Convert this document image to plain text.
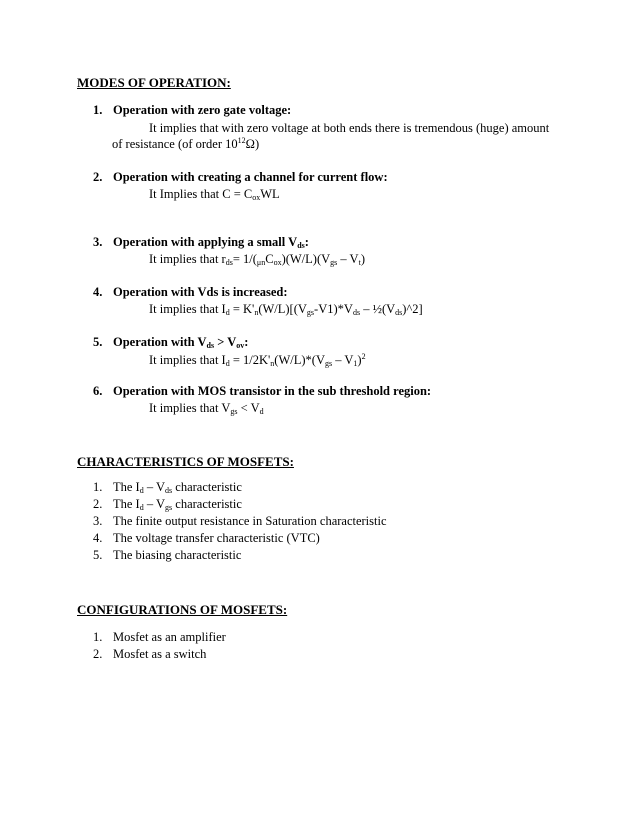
MODES OF OPERATION:

1. Operation with zero gate voltage:

It implies that with zero voltage at both ends there is tremendous (huge) amount

of resistance (of order $10^{12}\Omega$)

2. Operation with creating a channel for current flow:

It Implies that $C = C_{ox}WL$

3. Operation with applying a small $V_{ds}$:

It implies that $r_{ds}= 1/(_{\mu n}C_{ox})(W/L)(V_{gs} - V_t)$

4. Operation with Vds is increased:

It implies that $I_d = K'_n(W/L)[(V_{gs}-V1)*V_{ds}$ – $\frac{1}{2}(V_{ds})\^{}2$]

5. Operation with $V_{ds} > V_{ov}$:

It implies that $I_d = 1/2K'_n(W/L)*(V_{gs} - V_1)^2$

6. Operation with MOS transistor in the sub threshold region:

It implies that $V_{gs} < V_d$

CHARACTERISTICS OF MOSFETS:

1. The $I_d - V_{ds}$ characteristic

2. The $I_d - V_{gs}$ characteristic

3. The finite output resistance in Saturation characteristic

4. The voltage transfer characteristic (VTC)

5. The biasing characteristic

CONFIGURATIONS OF MOSFETS:

1. Mosfet as an amplifier

2. Mosfet as a switch
